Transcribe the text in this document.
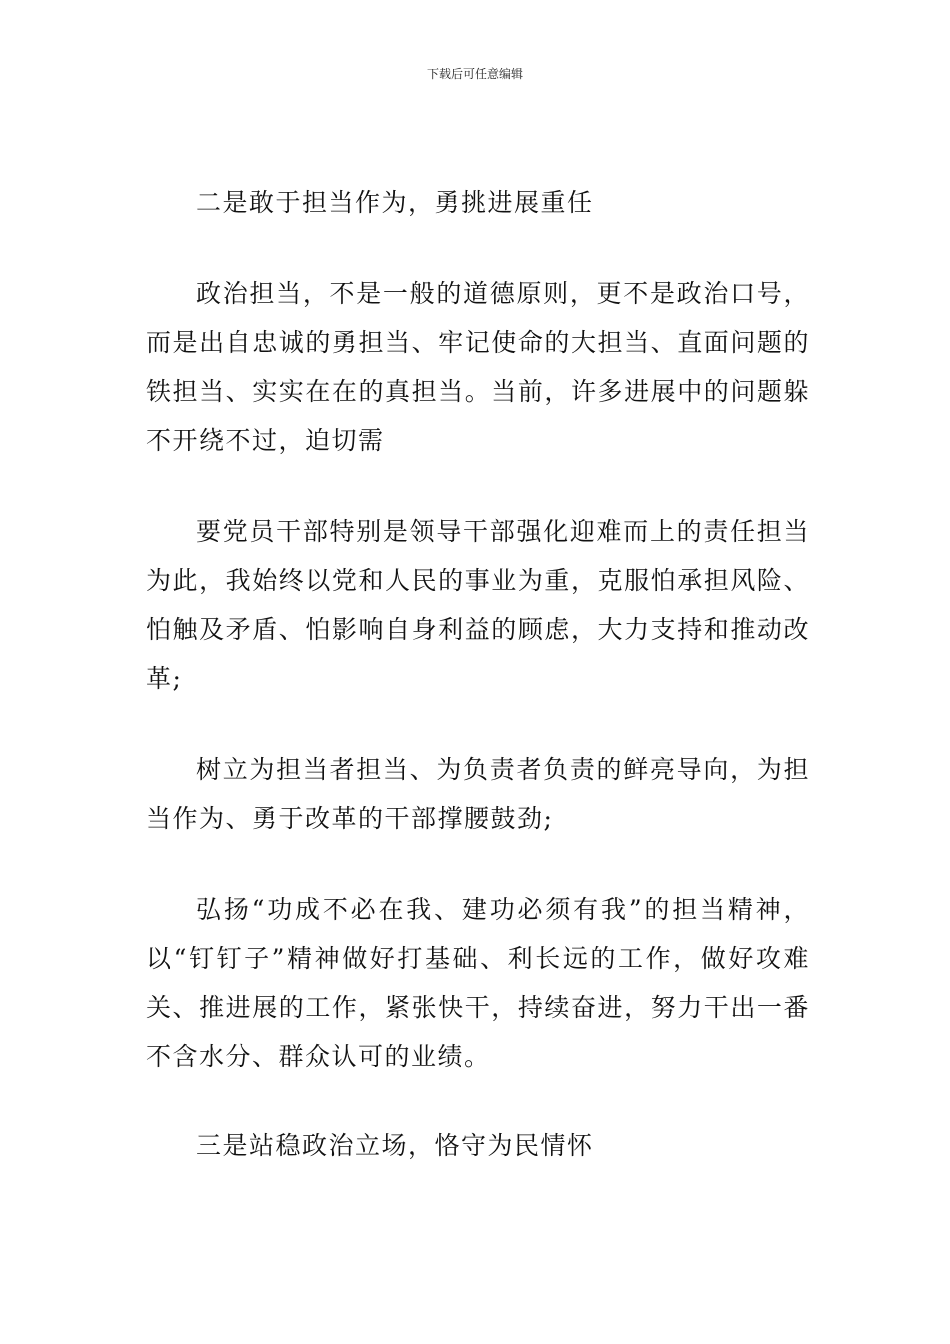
下载后可任意编辑

二是敢于担当作为，勇挑进展重任

政治担当，不是一般的道德原则，更不是政治口号，而是出自忠诚的勇担当、牢记使命的大担当、直面问题的铁担当、实实在在的真担当。当前，许多进展中的问题躲不开绕不过，迫切需

要党员干部特别是领导干部强化迎难而上的责任担当为此，我始终以党和人民的事业为重，克服怕承担风险、怕触及矛盾、怕影响自身利益的顾虑，大力支持和推动改革;

树立为担当者担当、为负责者负责的鲜亮导向，为担当作为、勇于改革的干部撑腰鼓劲;

弘扬“功成不必在我、建功必须有我”的担当精神，以“钉钉子”精神做好打基础、利长远的工作，做好攻难关、推进展的工作，紧张快干，持续奋进，努力干出一番不含水分、群众认可的业绩。

三是站稳政治立场，恪守为民情怀
